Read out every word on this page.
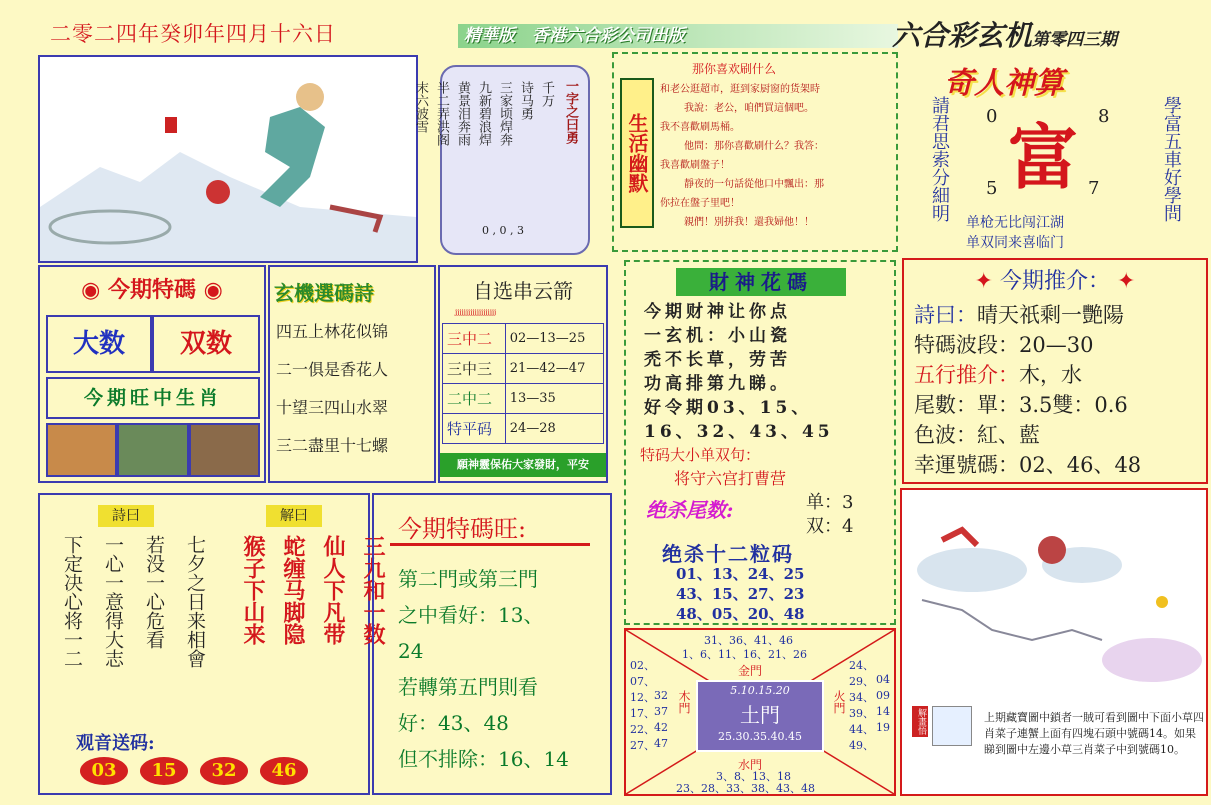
二零二四年癸卯年四月十六日	精華版　香港六合彩公司出版	六合彩玄机第零四三期
一字之曰勇
千万
诗马勇
三家顷焊奔
九新碧浪焊
黄景泪奔雨
半二弄洪阁
末六波雪
0 , 0 , 3
生活幽默
那你喜欢刷什么
和老公逛超市，逛到家厨窗的货架時
我說：老公，咱們買這個吧。
我不喜歡刷馬桶。
他問：那你喜歡刷什么？我答：
我喜歡刷盤子！
靜夜的一句話從他口中飄出：那
你拉在盤子里吧！
親們！別拼我！還我婦他！！
奇人神算
請君思索分細明	學富五車好學問
富
0	8
5	7
单枪无比闯江湖
单双同来喜临门
◉ 今期特碼 ◉
大数	双数
今期旺中生肖
玄機選碼詩
四五上林花似锦
二一俱是香花人
十望三四山水翠
三二盡里十七螺
自选串云箭
ⱼⱼⱼⱼⱼⱼⱼⱼⱼⱼⱼⱼⱼⱼⱼⱼⱼⱼⱼ
三中二	02—13—25
三中三	21—42—47
二中二	13—35
特平码	24—28
願神靈保佑大家發財，平安
財神花碼
今期财神让你点
一玄机：小山瓷
禿不长草，劳苦
功高排第九睇。
好令期03、15、
16、32、43、45
特码大小单双句：
将守六宫打曹营
绝杀尾数:	单：3
双：4
绝杀十二粒码
01、13、24、25
43、15、27、23
48、05、20、48
✦ 今期推介： ✦
詩曰：晴天祇剩一艷陽
特碼波段：20—30
五行推介：木，水
尾數：單：3.5雙：0.6
色波：紅、藍
幸運號碼：02、46、48
詩曰	解曰
七夕之日来相會
若没一心危看
一心一意得大志
下定决心将一二	三九和一数
仙人下凡带
蛇缠马脚隐
猴子下山来
观音送码:
03 15 32 46
今期特碼旺:
第二門或第三門
之中看好：13、
24
若轉第五門則看
好：43、48
但不排除：16、14
31、36、41、46
1、6、11、16、21、26
金門
02、
07、
12、
17、
22、
27、
32
37
42
47
木門	火門
24、
29、
34、
39、
44、
49、
04
09
14
19
5.10.15.20
土門
25.30.35.40.45
水門
3、8、13、18
23、28、33、38、43、48
解畫悟	上期藏寶圖中鎖者一賊可看到圖中下面小草四肖菜子連蟹上面有四塊石頭中號碼14。如果睇到圖中左邊小草三肖菜子中到號碼10。
